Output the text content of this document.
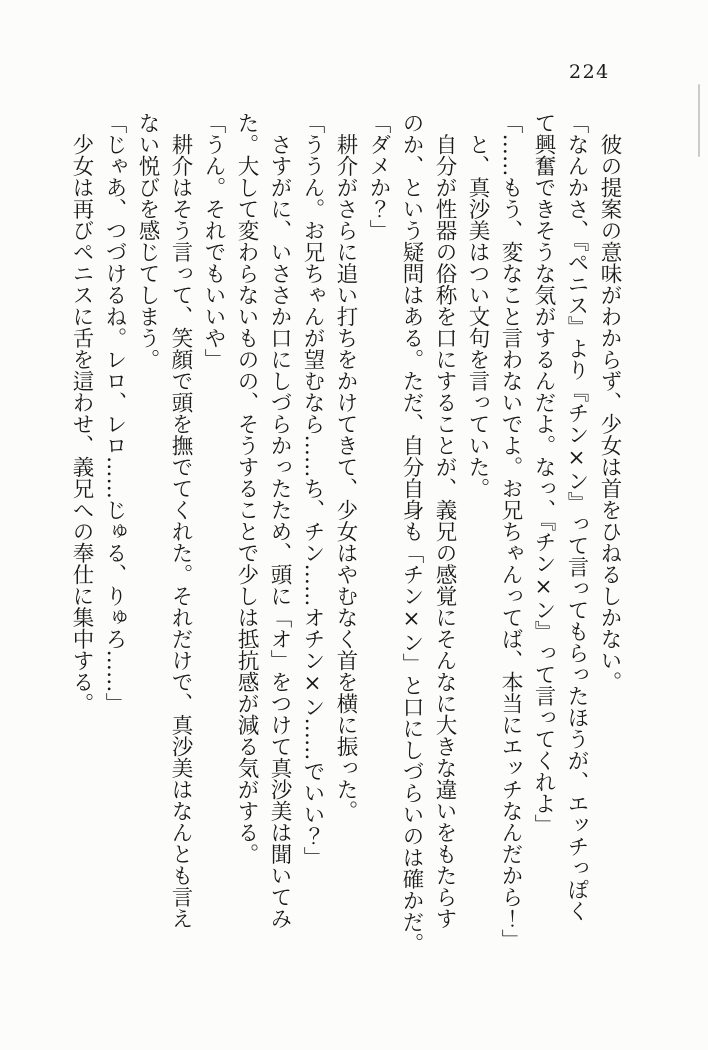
224

　彼の提案の意味がわからず、少女は首をひねるしかない。

「なんかさ、『ペニス』より『チン×ン』って言ってもらったほうが、エッチっぽく

て興奮できそうな気がするんだよ。なっ、『チン×ン』って言ってくれよ」

「……もう、変なこと言わないでよ。お兄ちゃんってば、本当にエッチなんだから！」

　と、真沙美はつい文句を言っていた。

　自分が性器の俗称を口にすることが、義兄の感覚にそんなに大きな違いをもたらす

のか、という疑問はある。ただ、自分自身も「チン×ン」と口にしづらいのは確かだ。

「ダメか？」

　耕介がさらに追い打ちをかけてきて、少女はやむなく首を横に振った。

「ううん。お兄ちゃんが望むなら……ち、チン……オチン×ン……でいい？」

　さすがに、いささか口にしづらかったため、頭に「オ」をつけて真沙美は聞いてみ

た。大して変わらないものの、そうすることで少しは抵抗感が減る気がする。

「うん。それでもいいや」

　耕介はそう言って、笑顔で頭を撫でてくれた。それだけで、真沙美はなんとも言え

ない悦びを感じてしまう。

「じゃあ、つづけるね。レロ、レロ……じゅる、りゅろ……」

　少女は再びペニスに舌を這わせ、義兄への奉仕に集中する。
